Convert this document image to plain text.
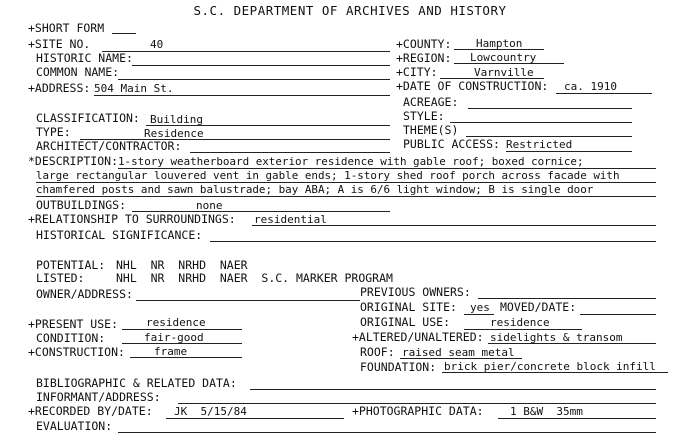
S.C. DEPARTMENT OF ARCHIVES AND HISTORY
+SHORT FORM
+SITE NO.	40	+COUNTY: Hampton
HISTORIC NAME:	+REGION: Lowcountry
COMMON NAME:	+CITY:	Varnville
+ADDRESS: 504 Main St.	+DATE OF CONSTRUCTION: ca. 1910
ACREAGE:
STYLE:
THEME(S)
CLASSIFICATION: Building
TYPE:	Residence
ARCHITECT/CONTRACTOR:	PUBLIC ACCESS: Restricted
*DESCRIPTION: 1-story weatherboard exterior residence with gable roof; boxed cornice;
large rectangular louvered vent in gable ends; 1-story shed roof porch across facade with
chamfered posts and sawn balustrade; bay ABA; A is 6/6 light window; B is single door
OUTBUILDINGS:	none
+RELATIONSHIP TO SURROUNDINGS: residential
HISTORICAL SIGNIFICANCE:
POTENTIAL: NHL  NR  NRHD  NAER
LISTED:	NHL  NR  NRHD  NAER  S.C. MARKER PROGRAM
OWNER/ADDRESS:	PREVIOUS OWNERS:
ORIGINAL SITE: yes MOVED/DATE:
+PRESENT USE:	residence	ORIGINAL USE:	residence
CONDITION:	fair-good	+ALTERED/UNALTERED: sidelights & transom
+CONSTRUCTION:	frame	ROOF: raised seam metal
FOUNDATION: brick pier/concrete block infill
BIBLIOGRAPHIC & RELATED DATA:
INFORMANT/ADDRESS:
+RECORDED BY/DATE: JK  5/15/84	+PHOTOGRAPHIC DATA: 1 B&W  35mm
EVALUATION:
